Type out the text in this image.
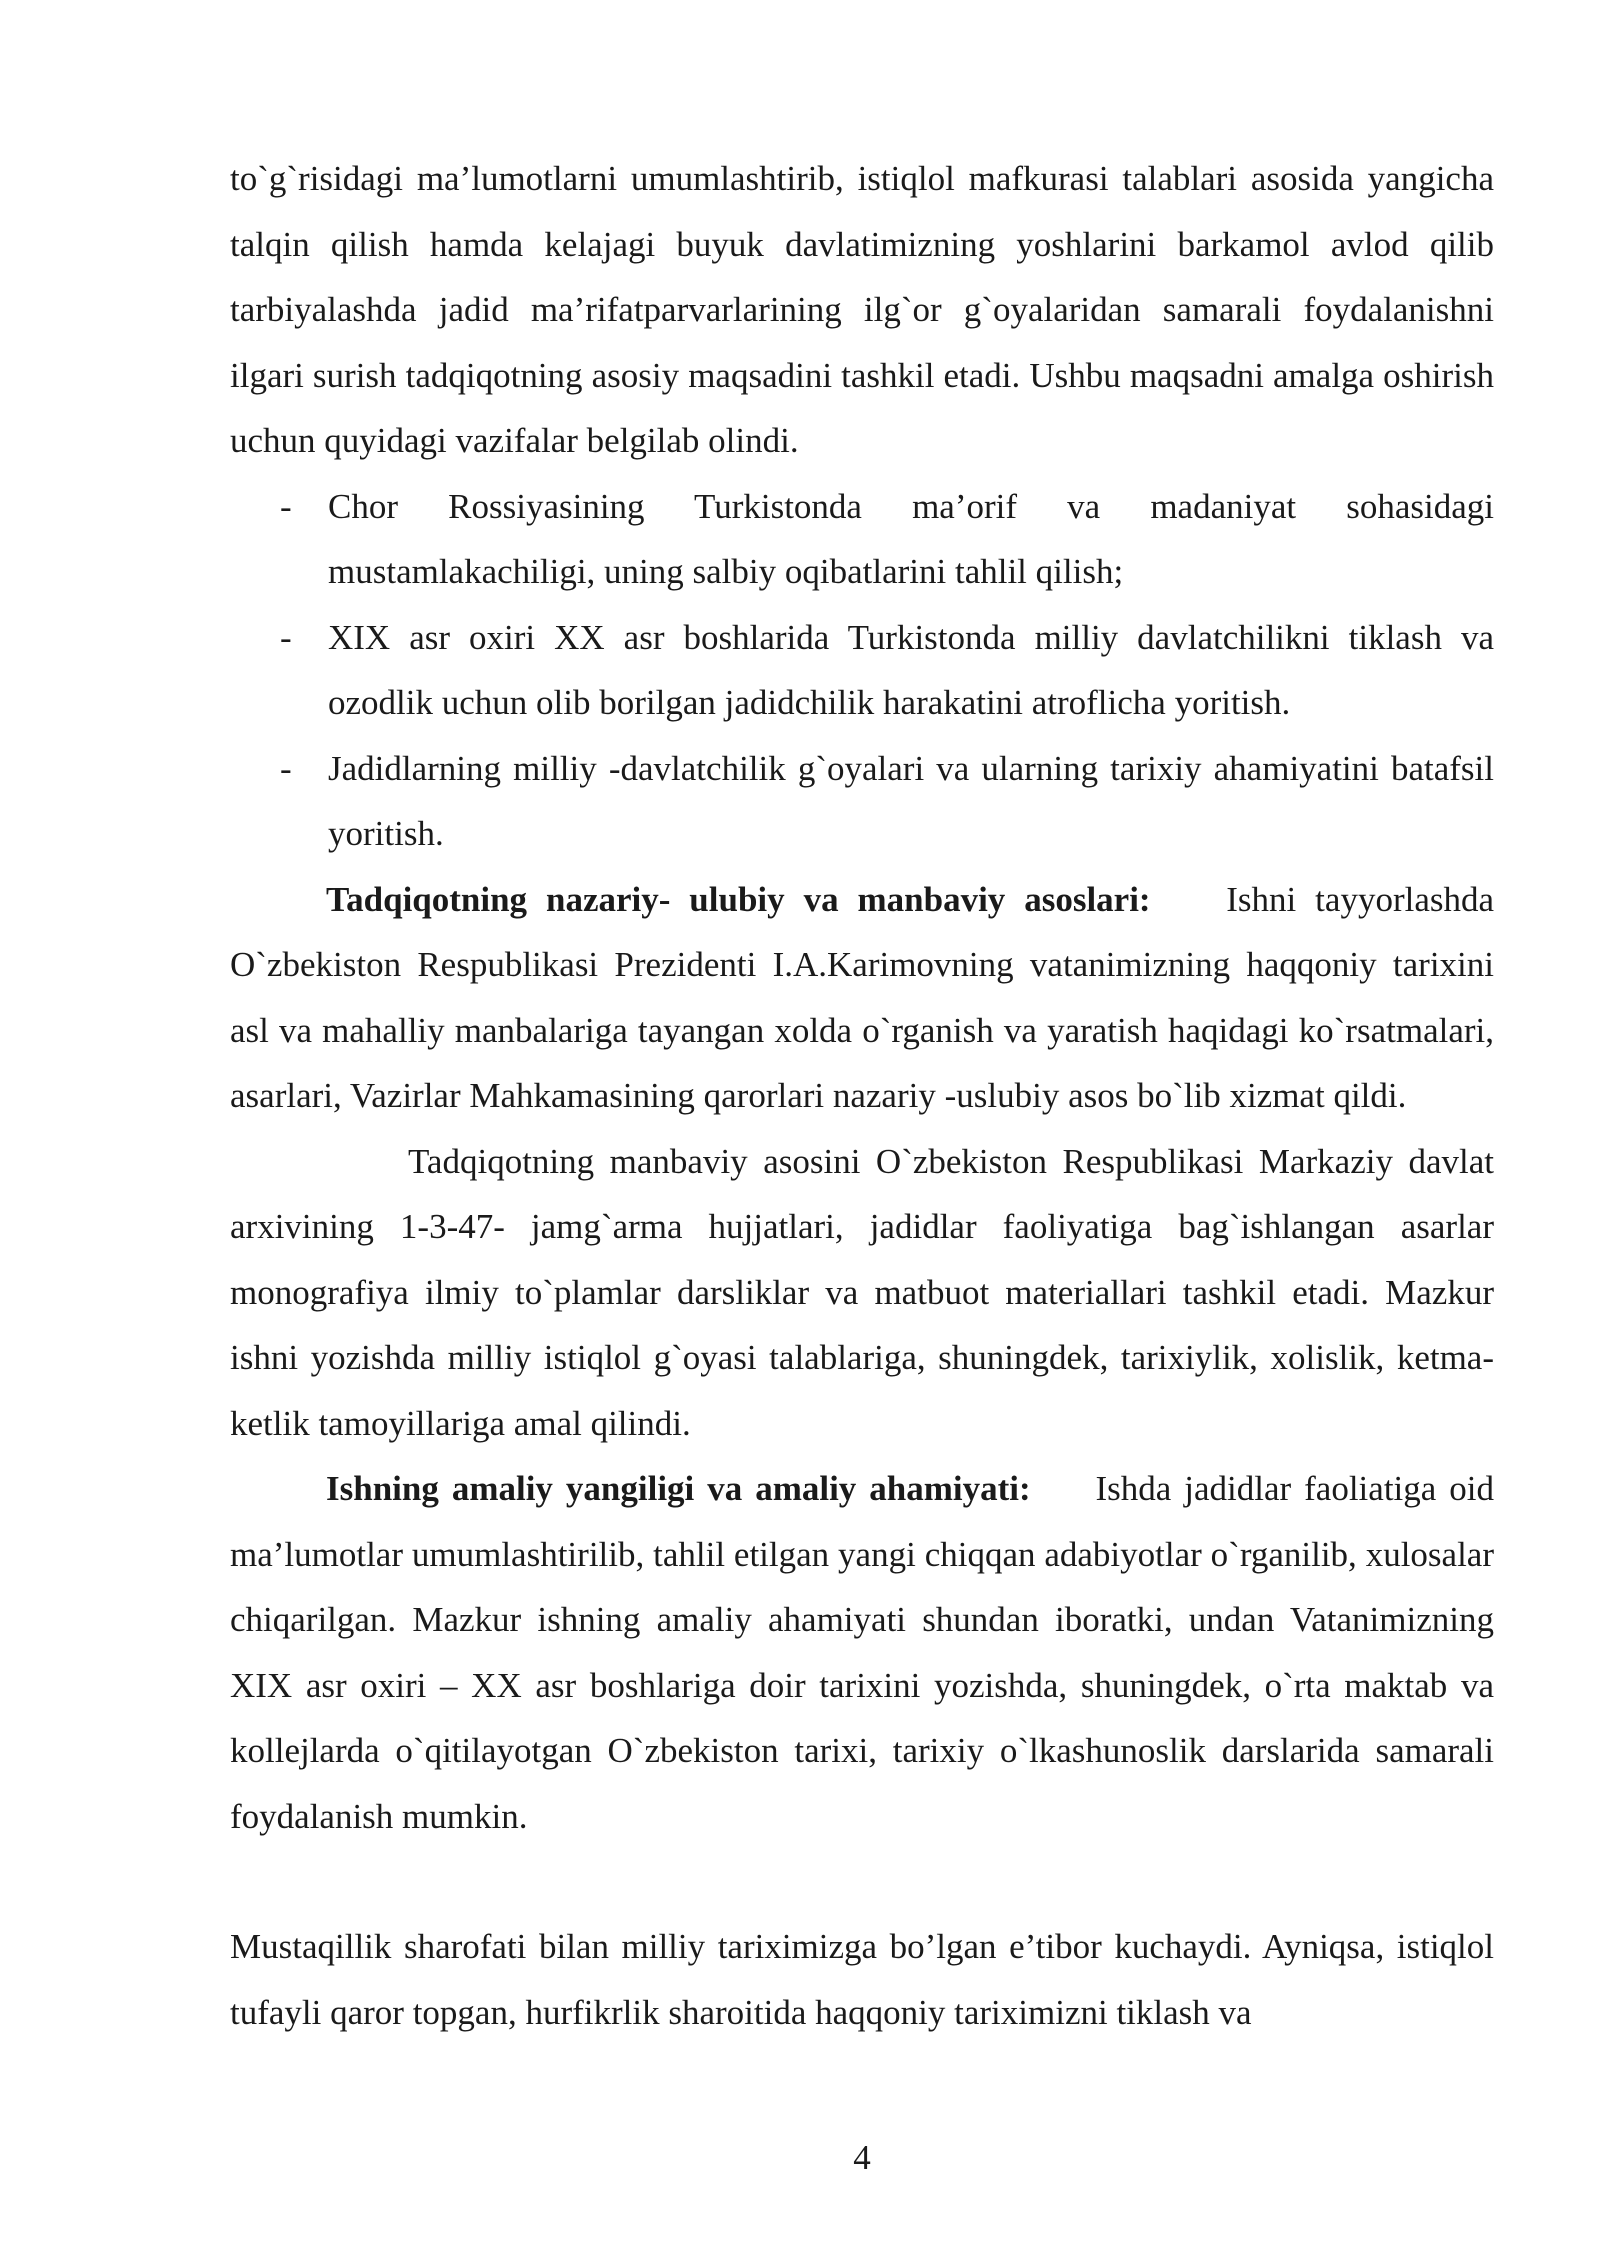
to`g`risidagi ma’lumotlarni umumlashtirib, istiqlol mafkurasi talablari asosida yangicha talqin qilish hamda kelajagi buyuk davlatimizning yoshlarini barkamol avlod qilib tarbiyalashda jadid ma’rifatparvarlarining ilg`or g`oyalaridan samarali foydalanishni ilgari surish tadqiqotning asosiy maqsadini tashkil etadi. Ushbu maqsadni amalga oshirish uchun quyidagi vazifalar belgilab olindi.

- Chor Rossiyasining Turkistonda ma’orif va madaniyat sohasidagi mustamlakachiligi, uning salbiy oqibatlarini tahlil qilish;
- XIX asr oxiri XX asr boshlarida Turkistonda milliy davlatchilikni tiklash va ozodlik uchun olib borilgan jadidchilik harakatini atroflicha yoritish.
- Jadidlarning milliy -davlatchilik g`oyalari va ularning tarixiy ahamiyatini batafsil yoritish.

Tadqiqotning nazariy- ulubiy va manbaviy asoslari: Ishni tayyorlashda O`zbekiston Respublikasi Prezidenti I.A.Karimovning vatanimizning haqqoniy tarixini asl va mahalliy manbalariga tayangan xolda o`rganish va yaratish haqidagi ko`rsatmalari, asarlari, Vazirlar Mahkamasining qarorlari nazariy -uslubiy asos bo`lib xizmat qildi.

Tadqiqotning manbaviy asosini O`zbekiston Respublikasi Markaziy davlat arxivining 1-3-47- jamg`arma hujjatlari, jadidlar faoliyatiga bag`ishlangan asarlar monografiya ilmiy to`plamlar darsliklar va matbuot materiallari tashkil etadi. Mazkur ishni yozishda milliy istiqlol g`oyasi talablariga, shuningdek, tarixiylik, xolislik, ketma-ketlik tamoyillariga amal qilindi.

Ishning amaliy yangiligi va amaliy ahamiyati: Ishda jadidlar faoliatiga oid ma’lumotlar umumlashtirilib, tahlil etilgan yangi chiqqan adabiyotlar o`rganilib, xulosalar chiqarilgan. Mazkur ishning amaliy ahamiyati shundan iboratki, undan Vatanimizning XIX asr oxiri – XX asr boshlariga doir tarixini yozishda, shuningdek, o`rta maktab va kollejlarda o`qitilayotgan O`zbekiston tarixi, tarixiy o`lkashunoslik darslarida samarali foydalanish mumkin.

Mustaqillik sharofati bilan milliy tariximizga bo’lgan e’tibor kuchaydi. Ayniqsa, istiqlol tufayli qaror topgan, hurfikrlik sharoitida haqqoniy tariximizni tiklash va

4
